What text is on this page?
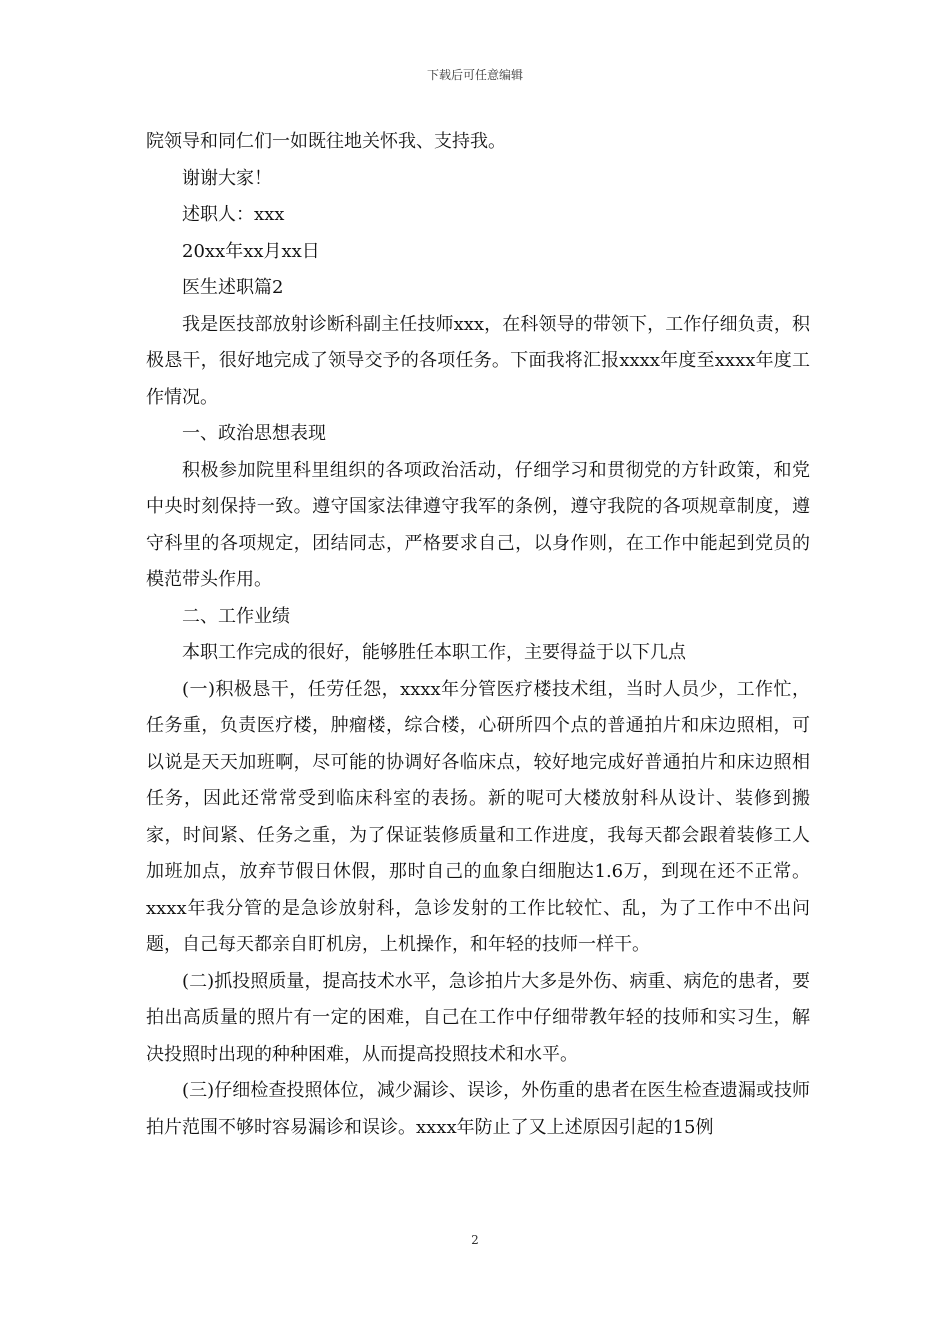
下载后可任意编辑

院领导和同仁们一如既往地关怀我、支持我。

谢谢大家！

述职人：xxx

20xx年xx月xx日

医生述职篇2

我是医技部放射诊断科副主任技师xxx，在科领导的带领下，工作仔细负责，积极恳干，很好地完成了领导交予的各项任务。下面我将汇报xxxx年度至xxxx年度工作情况。

一、政治思想表现

积极参加院里科里组织的各项政治活动，仔细学习和贯彻党的方针政策，和党中央时刻保持一致。遵守国家法律遵守我军的条例，遵守我院的各项规章制度，遵守科里的各项规定，团结同志，严格要求自己，以身作则，在工作中能起到党员的模范带头作用。

二、工作业绩

本职工作完成的很好，能够胜任本职工作，主要得益于以下几点

(一)积极恳干，任劳任怨，xxxx年分管医疗楼技术组，当时人员少，工作忙，任务重，负责医疗楼，肿瘤楼，综合楼，心研所四个点的普通拍片和床边照相，可以说是天天加班啊，尽可能的协调好各临床点，较好地完成好普通拍片和床边照相任务，因此还常常受到临床科室的表扬。新的呢可大楼放射科从设计、装修到搬家，时间紧、任务之重，为了保证装修质量和工作进度，我每天都会跟着装修工人加班加点，放弃节假日休假，那时自己的血象白细胞达1.6万，到现在还不正常。xxxx年我分管的是急诊放射科，急诊发射的工作比较忙、乱，为了工作中不出问题，自己每天都亲自盯机房，上机操作，和年轻的技师一样干。

(二)抓投照质量，提高技术水平，急诊拍片大多是外伤、病重、病危的患者，要拍出高质量的照片有一定的困难，自己在工作中仔细带教年轻的技师和实习生，解决投照时出现的种种困难，从而提高投照技术和水平。

(三)仔细检查投照体位，减少漏诊、误诊，外伤重的患者在医生检查遗漏或技师拍片范围不够时容易漏诊和误诊。xxxx年防止了又上述原因引起的15例

2
